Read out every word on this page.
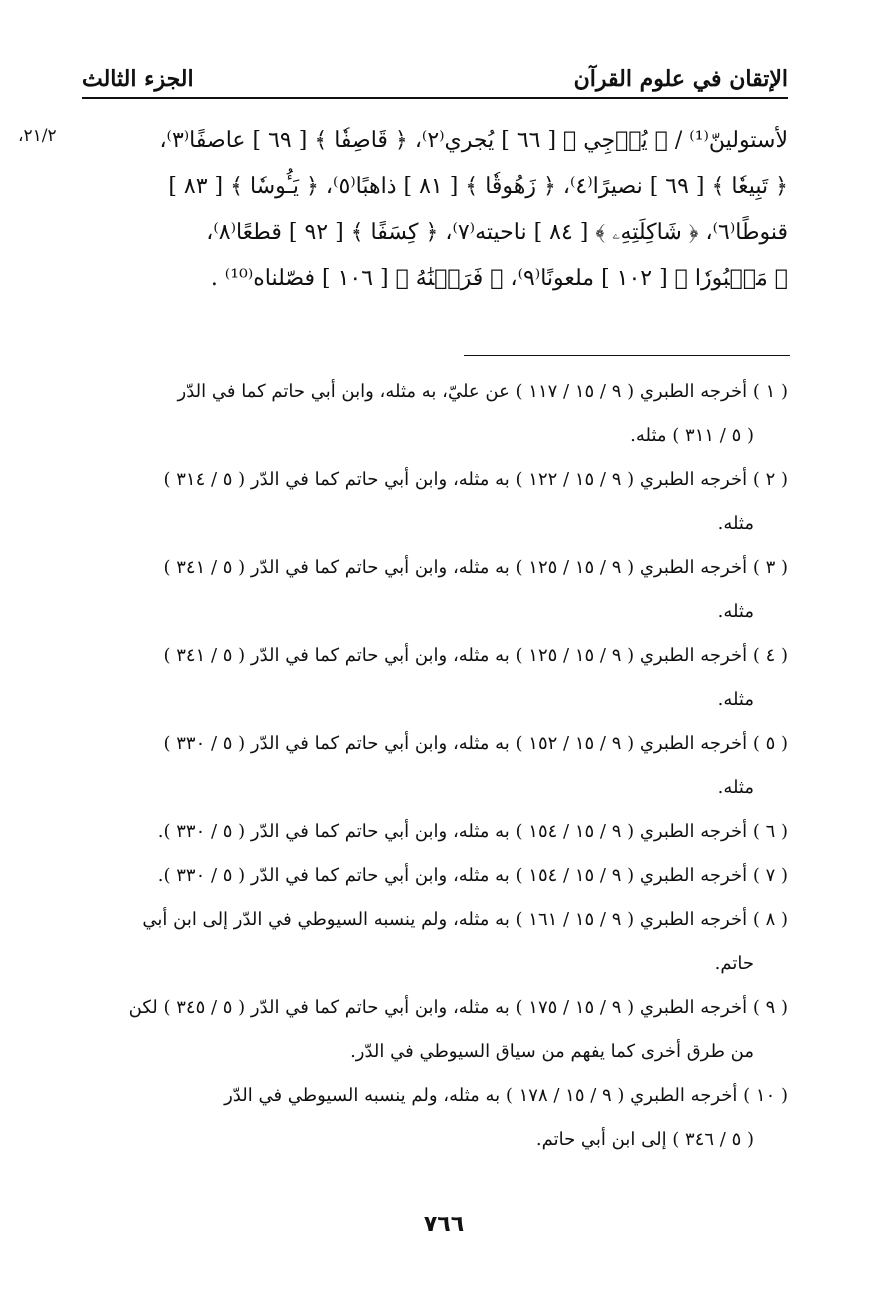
الإتقان في علوم القرآن
الجزء الثالث
٢١/٢،	لأستولينّ⁽¹⁾ / ﴿ يُزۡجِي ﴾ [ ٦٦ ] يُجري⁽٢⁾، ﴿ قَاصِفٗا ﴾ [ ٦٩ ] عاصفًا⁽٣⁾،
﴿ تَبِيعٗا ﴾ [ ٦٩ ] نصيرًا⁽٤⁾، ﴿ زَهُوقٗا ﴾ [ ٨١ ] ذاهبًا⁽٥⁾، ﴿ يَـُٔوسٗا ﴾ [ ٨٣ ]
قنوطًا⁽٦⁾، ﴿ شَاكِلَتِهِۦ ﴾ [ ٨٤ ] ناحيته⁽٧⁾، ﴿ كِسَفًا ﴾ [ ٩٢ ] قطعًا⁽٨⁾،
﴿ مَثۡبُورٗا ﴾ [ ١٠٢ ] ملعونًا⁽٩⁾، ﴿ فَرَقۡنَٰهُ ﴾ [ ١٠٦ ] فصّلناه⁽¹⁰⁾ .
( ١ ) أخرجه الطبري ( ٩ / ١٥ / ١١٧ ) عن عليّ، به مثله، وابن أبي حاتم كما في الدّر
( ٥ / ٣١١ ) مثله.
( ٢ ) أخرجه الطبري ( ٩ / ١٥ / ١٢٢ ) به مثله، وابن أبي حاتم كما في الدّر ( ٥ / ٣١٤ )
مثله.
( ٣ ) أخرجه الطبري ( ٩ / ١٥ / ١٢٥ ) به مثله، وابن أبي حاتم كما في الدّر ( ٥ / ٣٤١ )
مثله.
( ٤ ) أخرجه الطبري ( ٩ / ١٥ / ١٢٥ ) به مثله، وابن أبي حاتم كما في الدّر ( ٥ / ٣٤١ )
مثله.
( ٥ ) أخرجه الطبري ( ٩ / ١٥ / ١٥٢ ) به مثله، وابن أبي حاتم كما في الدّر ( ٥ / ٣٣٠ )
مثله.
( ٦ ) أخرجه الطبري ( ٩ / ١٥ / ١٥٤ ) به مثله، وابن أبي حاتم كما في الدّر ( ٥ / ٣٣٠ ).
( ٧ ) أخرجه الطبري ( ٩ / ١٥ / ١٥٤ ) به مثله، وابن أبي حاتم كما في الدّر ( ٥ / ٣٣٠ ).
( ٨ ) أخرجه الطبري ( ٩ / ١٥ / ١٦١ ) به مثله، ولم ينسبه السيوطي في الدّر إلى ابن أبي
حاتم.
( ٩ ) أخرجه الطبري ( ٩ / ١٥ / ١٧٥ ) به مثله، وابن أبي حاتم كما في الدّر ( ٥ / ٣٤٥ ) لكن
من طرق أخرى كما يفهم من سياق السيوطي في الدّر.
( ١٠ ) أخرجه الطبري ( ٩ / ١٥ / ١٧٨ ) به مثله، ولم ينسبه السيوطي في الدّر
( ٥ / ٣٤٦ ) إلى ابن أبي حاتم.
٧٦٦
